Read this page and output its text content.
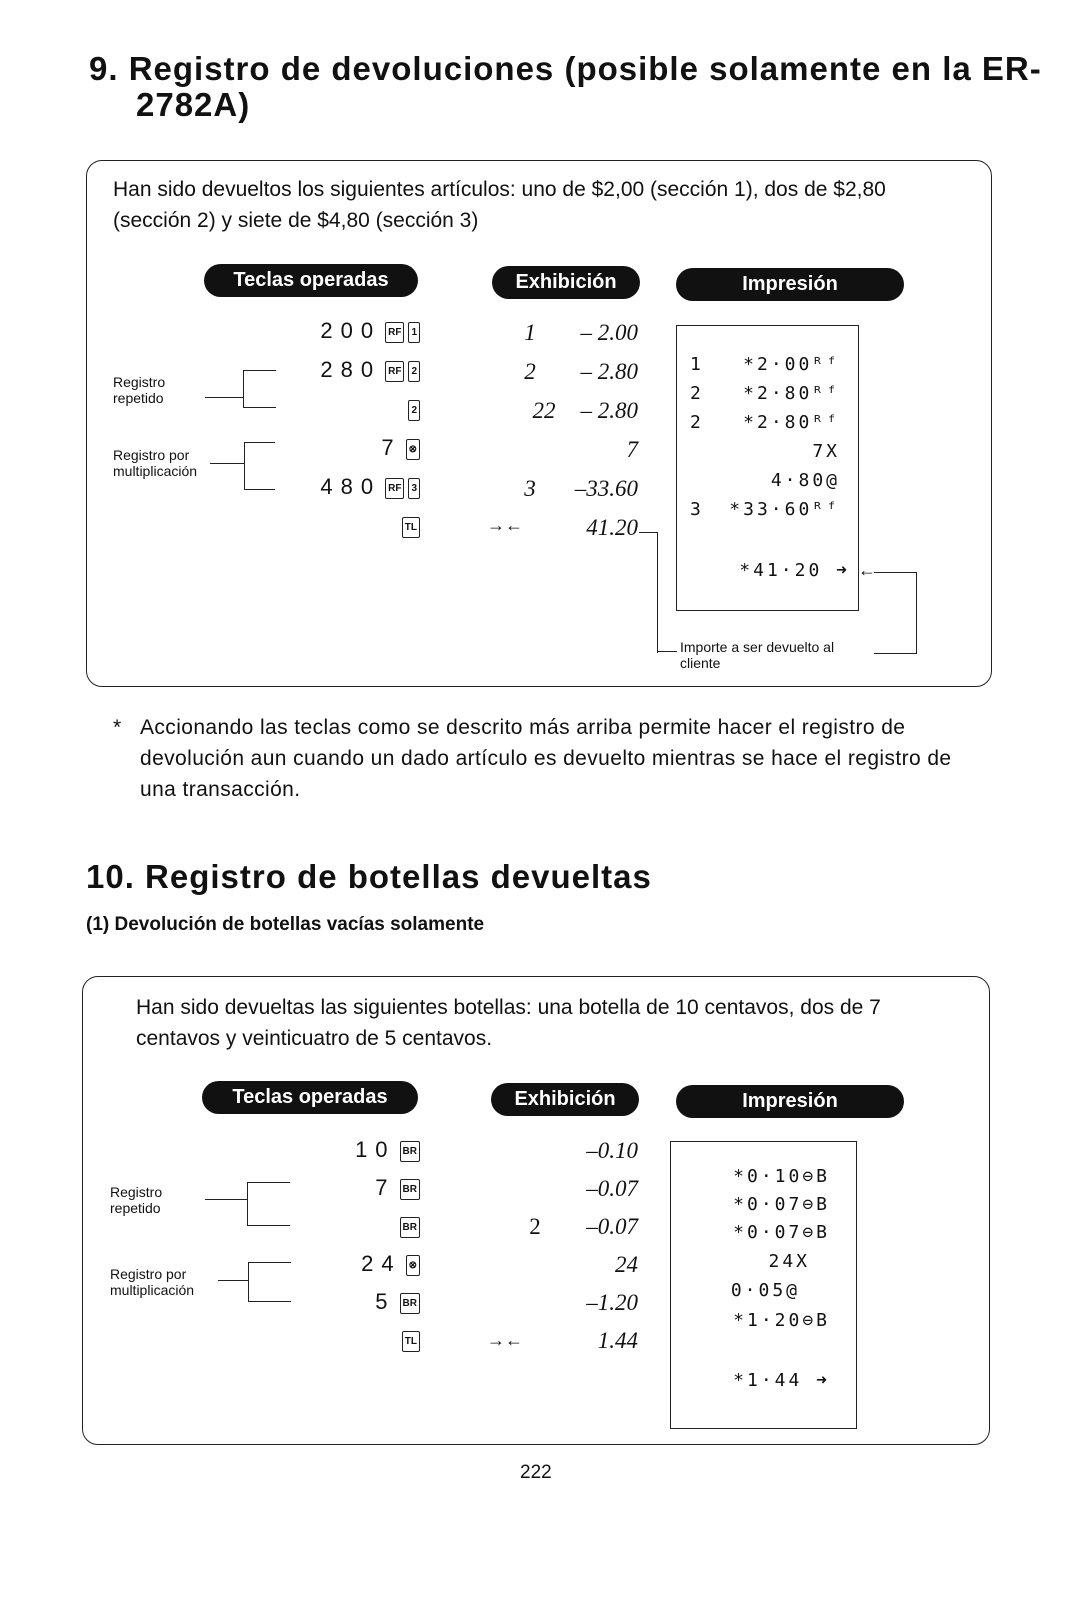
9. Registro de devoluciones (posible solamente en la ER-
2782A)
Han sido devueltos los siguientes artículos: uno de $2,00 (sección 1), dos de $2,80
(sección 2) y siete de $4,80 (sección 3)
Teclas operadas	Exhibición	Impresión
Registro
repetido
Registro por
multiplicación
200 RF 1
280 RF 2
2
7 ⊗
480 RF 3
TL
1	– 2.00
2	– 2.80
22	– 2.80
7
3	–33.60
→←	41.20
←
1 *2·00ᴿᶠ
2 *2·80ᴿᶠ
2 *2·80ᴿᶠ
7X
4·80@
3 *33·60ᴿᶠ
*41·20 ➜
Importe a ser devuelto al
cliente
* Accionando las teclas como se descrito más arriba permite hacer el registro de
devolución aun cuando un dado artículo es devuelto mientras se hace el registro de
una transacción.
10. Registro de botellas devueltas
(1) Devolución de botellas vacías solamente
Han sido devueltas las siguientes botellas: una botella de 10 centavos, dos de 7
centavos y veinticuatro de 5 centavos.
Teclas operadas	Exhibición	Impresión
Registro
repetido
Registro por
multiplicación
10 BR
7 BR
BR
24 ⊗
5 BR
TL
–0.10
–0.07
2	–0.07
24
–1.20
→←	1.44
*0·10⊖B
*0·07⊖B
*0·07⊖B
24X
0·05@
*1·20⊖B
*1·44 ➜
222
